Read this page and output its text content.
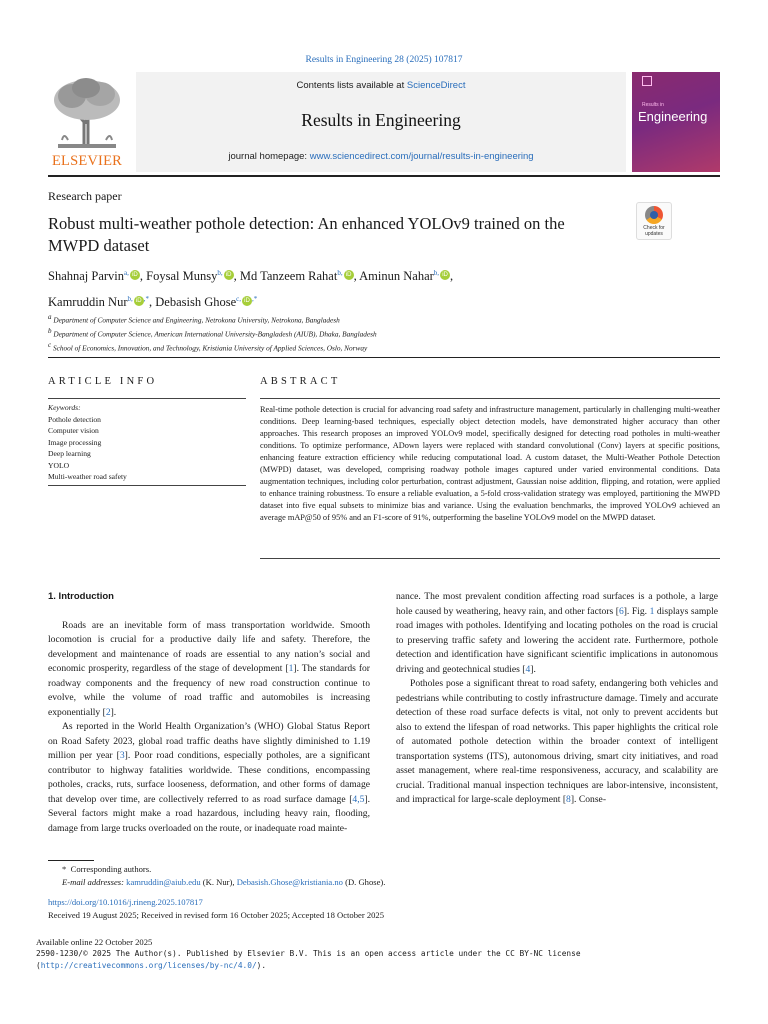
Results in Engineering 28 (2025) 107817
ELSEVIER
Contents lists available at ScienceDirect
Results in Engineering
journal homepage: www.sciencedirect.com/journal/results-in-engineering
Results in
Engineering
Research paper
Robust multi-weather pothole detection: An enhanced YOLOv9 trained on the MWPD dataset
Check for
updates
Shahnaj Parvin$^{a,}$ iD , Foysal Munsy$^{b,}$ iD , Md Tanzeem Rahat$^{b,}$ iD , Aminun Nahar$^{b,}$ iD ,
Kamruddin Nur$^{b,}$ iD ,*, Debasish Ghose$^{c,}$ iD ,*
$^a$ Department of Computer Science and Engineering, Netrokona University, Netrokona, Bangladesh
$^b$ Department of Computer Science, American International University-Bangladesh (AIUB), Dhaka, Bangladesh
$^c$ School of Economics, Innovation, and Technology, Kristiania University of Applied Sciences, Oslo, Norway
ARTICLE INFO	ABSTRACT
Keywords:
Pothole detection
Computer vision
Image processing
Deep learning
YOLO
Multi-weather road safety
Real-time pothole detection is crucial for advancing road safety and infrastructure management, particularly in challenging multi-weather conditions. Deep learning-based techniques, especially object detection models, have demonstrated higher accuracy than other approaches. This research proposes an improved YOLOv9 model, specifically designed for detecting road potholes in multi-weather conditions. To optimize performance, ADown layers were replaced with standard convolutional (Conv) layers at specific positions, enhancing feature extraction efficiency while reducing computational load. A custom dataset, the Multi-Weather Pothole Detection (MWPD) dataset, was developed, comprising roadway pothole images captured under varied environmental conditions. Data augmentation techniques, including color perturbation, contrast adjustment, Gaussian noise addition, flipping, and rotation, were applied to enhance training robustness. To ensure a reliable evaluation, a 5-fold cross-validation strategy was employed, partitioning the MWPD dataset into five equal subsets to minimize bias and variance. Using the evaluation benchmarks, the improved YOLOv9 achieved an average mAP@50 of 95% and an F1-score of 91%, outperforming the baseline YOLOv9 model on the MWPD dataset.
1. Introduction

Roads are an inevitable form of mass transportation worldwide. Smooth locomotion is crucial for a productive daily life and safety. Therefore, the development and maintenance of roads are essential to any nation’s social and economic prosperity, regardless of the stage of development [1]. The standards for roadway components and the frequency of new road construction continue to evolve, while the volume of road traffic and automobiles is increasing exponentially [2].

As reported in the World Health Organization’s (WHO) Global Status Report on Road Safety 2023, global road traffic deaths have slightly diminished to 1.19 million per year [3]. Poor road conditions, especially potholes, are a significant contributor to highway fatalities worldwide. These conditions, encompassing potholes, cracks, ruts, surface looseness, deformation, and other forms of damage that develop over time, are collectively referred to as road surface damage [4,5]. Several factors might make a road hazardous, including heavy rain, flooding, damage from large trucks overloaded on the route, or inadequate road mainte-

nance. The most prevalent condition affecting road surfaces is a pothole, a large hole caused by weathering, heavy rain, and other factors [6]. Fig. 1 displays sample road images with potholes. Identifying and locating potholes on the road is crucial to preserving traffic safety and lowering the accident rate. Furthermore, pothole detection and identification have significant scientific implications in autonomous driving and geotechnical studies [4].

Potholes pose a significant threat to road safety, endangering both vehicles and pedestrians while contributing to costly infrastructure damage. Timely and accurate detection of these road surface defects is vital, not only to prevent accidents but also to extend the lifespan of road networks. This paper highlights the critical role of automated pothole detection within the broader context of intelligent transportation systems (ITS), autonomous driving, smart city initiatives, and road asset management, where real-time responsiveness, accuracy, and scalability are crucial. Traditional manual inspection techniques are labor-intensive, inconsistent, and impractical for large-scale deployment [8]. Conse-

* Corresponding authors.
E-mail addresses: kamruddin@aiub.edu (K. Nur), Debasish.Ghose@kristiania.no (D. Ghose).
https://doi.org/10.1016/j.rineng.2025.107817
Received 19 August 2025; Received in revised form 16 October 2025; Accepted 18 October 2025
Available online 22 October 2025
2590-1230/© 2025 The Author(s). Published by Elsevier B.V. This is an open access article under the CC BY-NC license (http://creativecommons.org/licenses/by-nc/4.0/).
